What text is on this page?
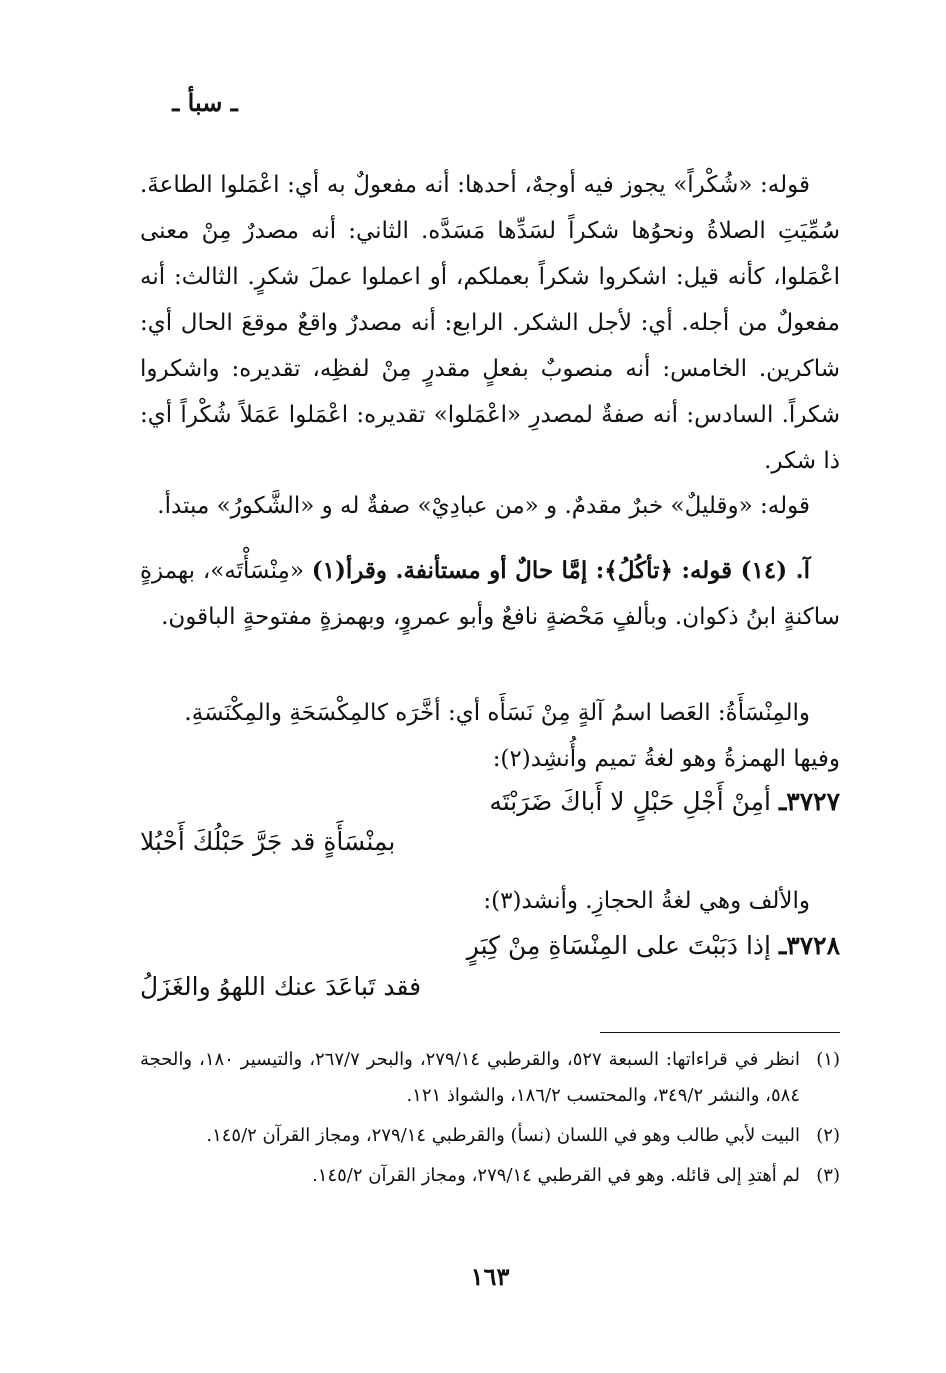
ـ سبأ ـ

قوله: «شُكْراً» يجوز فيه أوجهٌ، أحدها: أنه مفعولٌ به أي: اعْمَلوا الطاعةَ. سُمِّيَتِ الصلاةُ ونحوُها شكراً لسَدِّها مَسَدَّه. الثاني: أنه مصدرٌ مِنْ معنى اعْمَلوا، كأنه قيل: اشكروا شكراً بعملكم، أو اعملوا عملَ شكرٍ. الثالث: أنه مفعولٌ من أجله. أي: لأجل الشكر. الرابع: أنه مصدرٌ واقعٌ موقعَ الحال أي: شاكرين. الخامس: أنه منصوبٌ بفعلٍ مقدرٍ مِنْ لفظِه، تقديره: واشكروا شكراً. السادس: أنه صفةٌ لمصدرِ «اعْمَلوا» تقديره: اعْمَلوا عَمَلاً شُكْراً أي: ذا شكر.

قوله: «وقليلٌ» خبرٌ مقدمٌ. و «من عبادِيْ» صفةٌ له و «الشَّكورُ» مبتدأ.

آ. (١٤) قوله: ﴿تأكُلُ﴾: إمَّا حالٌ أو مستأنفة. وقرأ(١) «مِنْسَأْتَه»، بهمزةٍ ساكنةٍ ابنُ ذكوان. وبألفٍ مَحْضةٍ نافعٌ وأبو عمروٍ، وبهمزةٍ مفتوحةٍ الباقون.

والمِنْسَأَةُ: العَصا اسمُ آلةٍ مِنْ نَسَأَه أي: أخَّرَه كالمِكْسَحَةِ والمِكْنَسَةِ.

وفيها الهمزةُ وهو لغةُ تميم وأُنشِد(٢):

٣٧٢٧ـ أمِنْ أَجْلِ حَبْلٍ لا أَباكَ ضَرَبْتَه
بمِنْسَأَةٍ قد جَرَّ حَبْلُكَ أَحْبُلا
والألف وهي لغةُ الحجازِ. وأنشد(٣):
٣٧٢٨ـ إذا دَبَبْتَ على المِنْسَاةِ مِنْ كِبَرٍ
فقد تَباعَدَ عنك اللهوُ والغَزَلُ
(١)
انظر في قراءاتها: السبعة ٥٢٧، والقرطبي ٢٧٩/١٤، والبحر ٢٦٧/٧، والتيسير ١٨٠، والحجة ٥٨٤، والنشر ٣٤٩/٢، والمحتسب ١٨٦/٢، والشواذ ١٢١.
(٢)
البيت لأبي طالب وهو في اللسان (نسأ) والقرطبي ٢٧٩/١٤، ومجاز القرآن ١٤٥/٢.
(٣)
لم أهتدِ إلى قائله. وهو في القرطبي ٢٧٩/١٤، ومجاز القرآن ١٤٥/٢.
١٦٣
